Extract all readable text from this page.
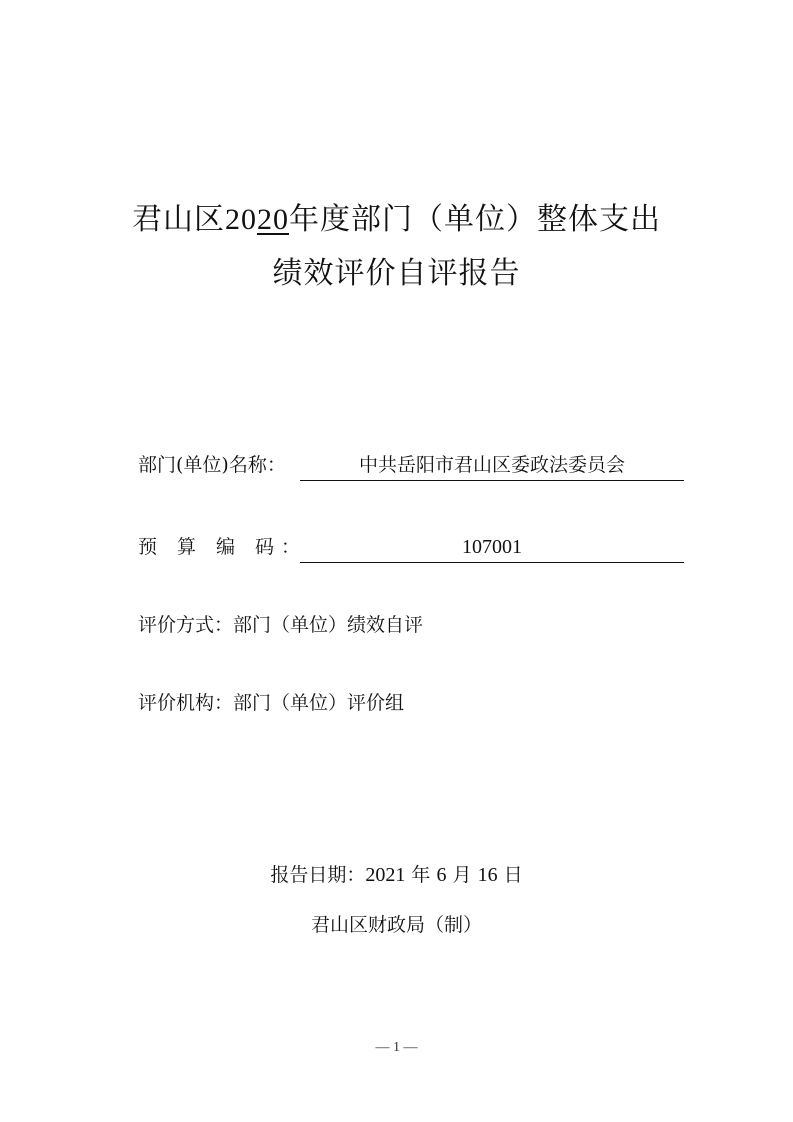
君山区2020年度部门（单位）整体支出
绩效评价自评报告
部门(单位)名称：	中共岳阳市君山区委政法委员会
预 算 编 码：	107001
评价方式：部门（单位）绩效自评
评价机构：部门（单位）评价组
报告日期：2021 年 6 月 16 日
君山区财政局（制）
— 1 —
